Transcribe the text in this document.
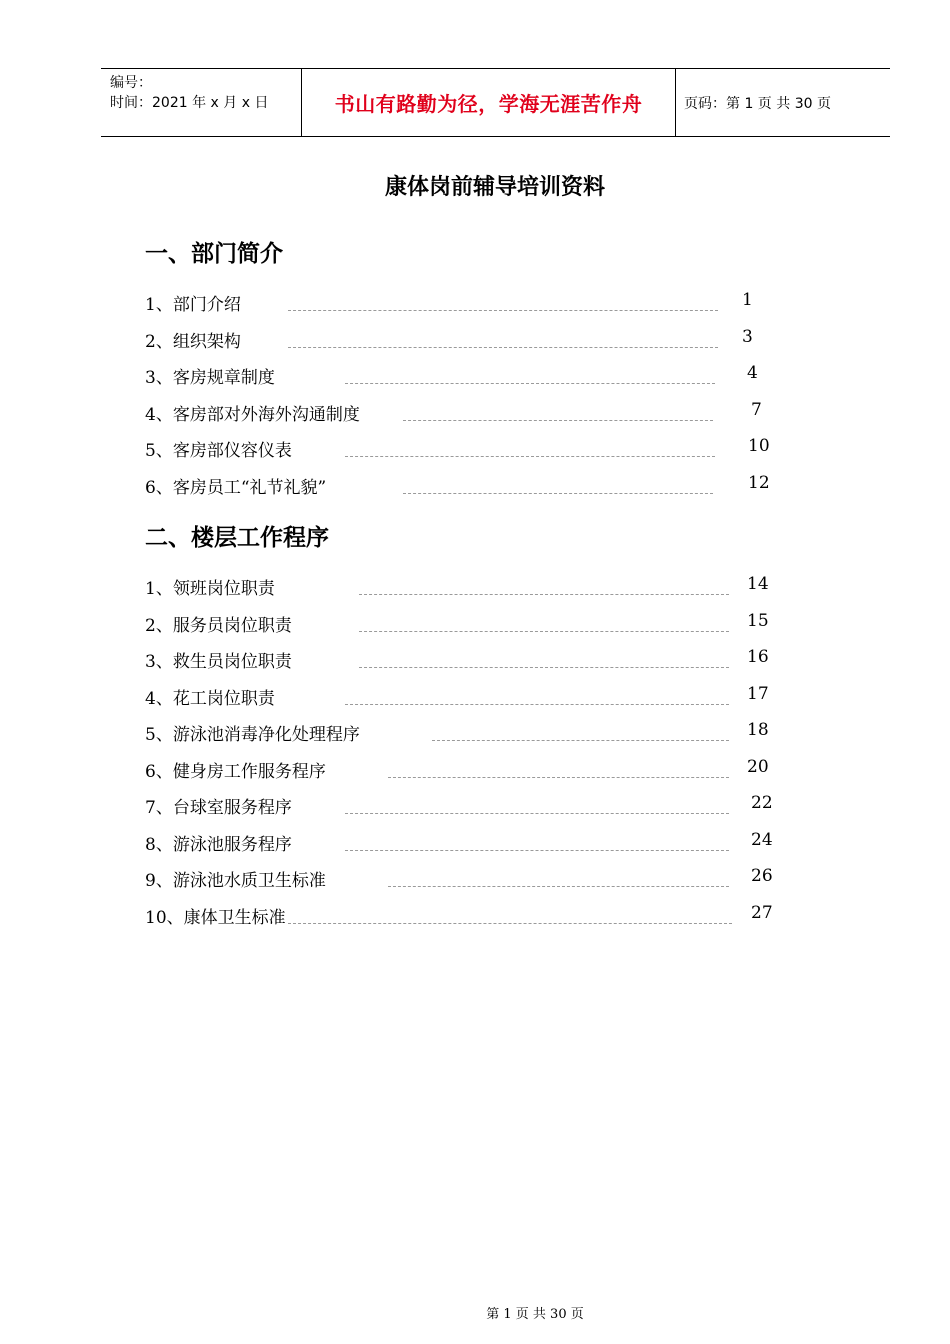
编号：
时间：2021 年 x 月 x 日	书山有路勤为径，学海无涯苦作舟	页码：第 1 页 共 30 页
康体岗前辅导培训资料
一、部门简介
1、部门介绍	1
2、组织架构	3
3、客房规章制度	4
4、客房部对外海外沟通制度	7
5、客房部仪容仪表	10
6、客房员工“礼节礼貌”	12
二、楼层工作程序
1、领班岗位职责	14
2、服务员岗位职责	15
3、救生员岗位职责	16
4、花工岗位职责	17
5、游泳池消毒净化处理程序	18
6、健身房工作服务程序	20
7、台球室服务程序	22
8、游泳池服务程序	24
9、游泳池水质卫生标准	26
10、康体卫生标准	27
第 1 页 共 30 页
